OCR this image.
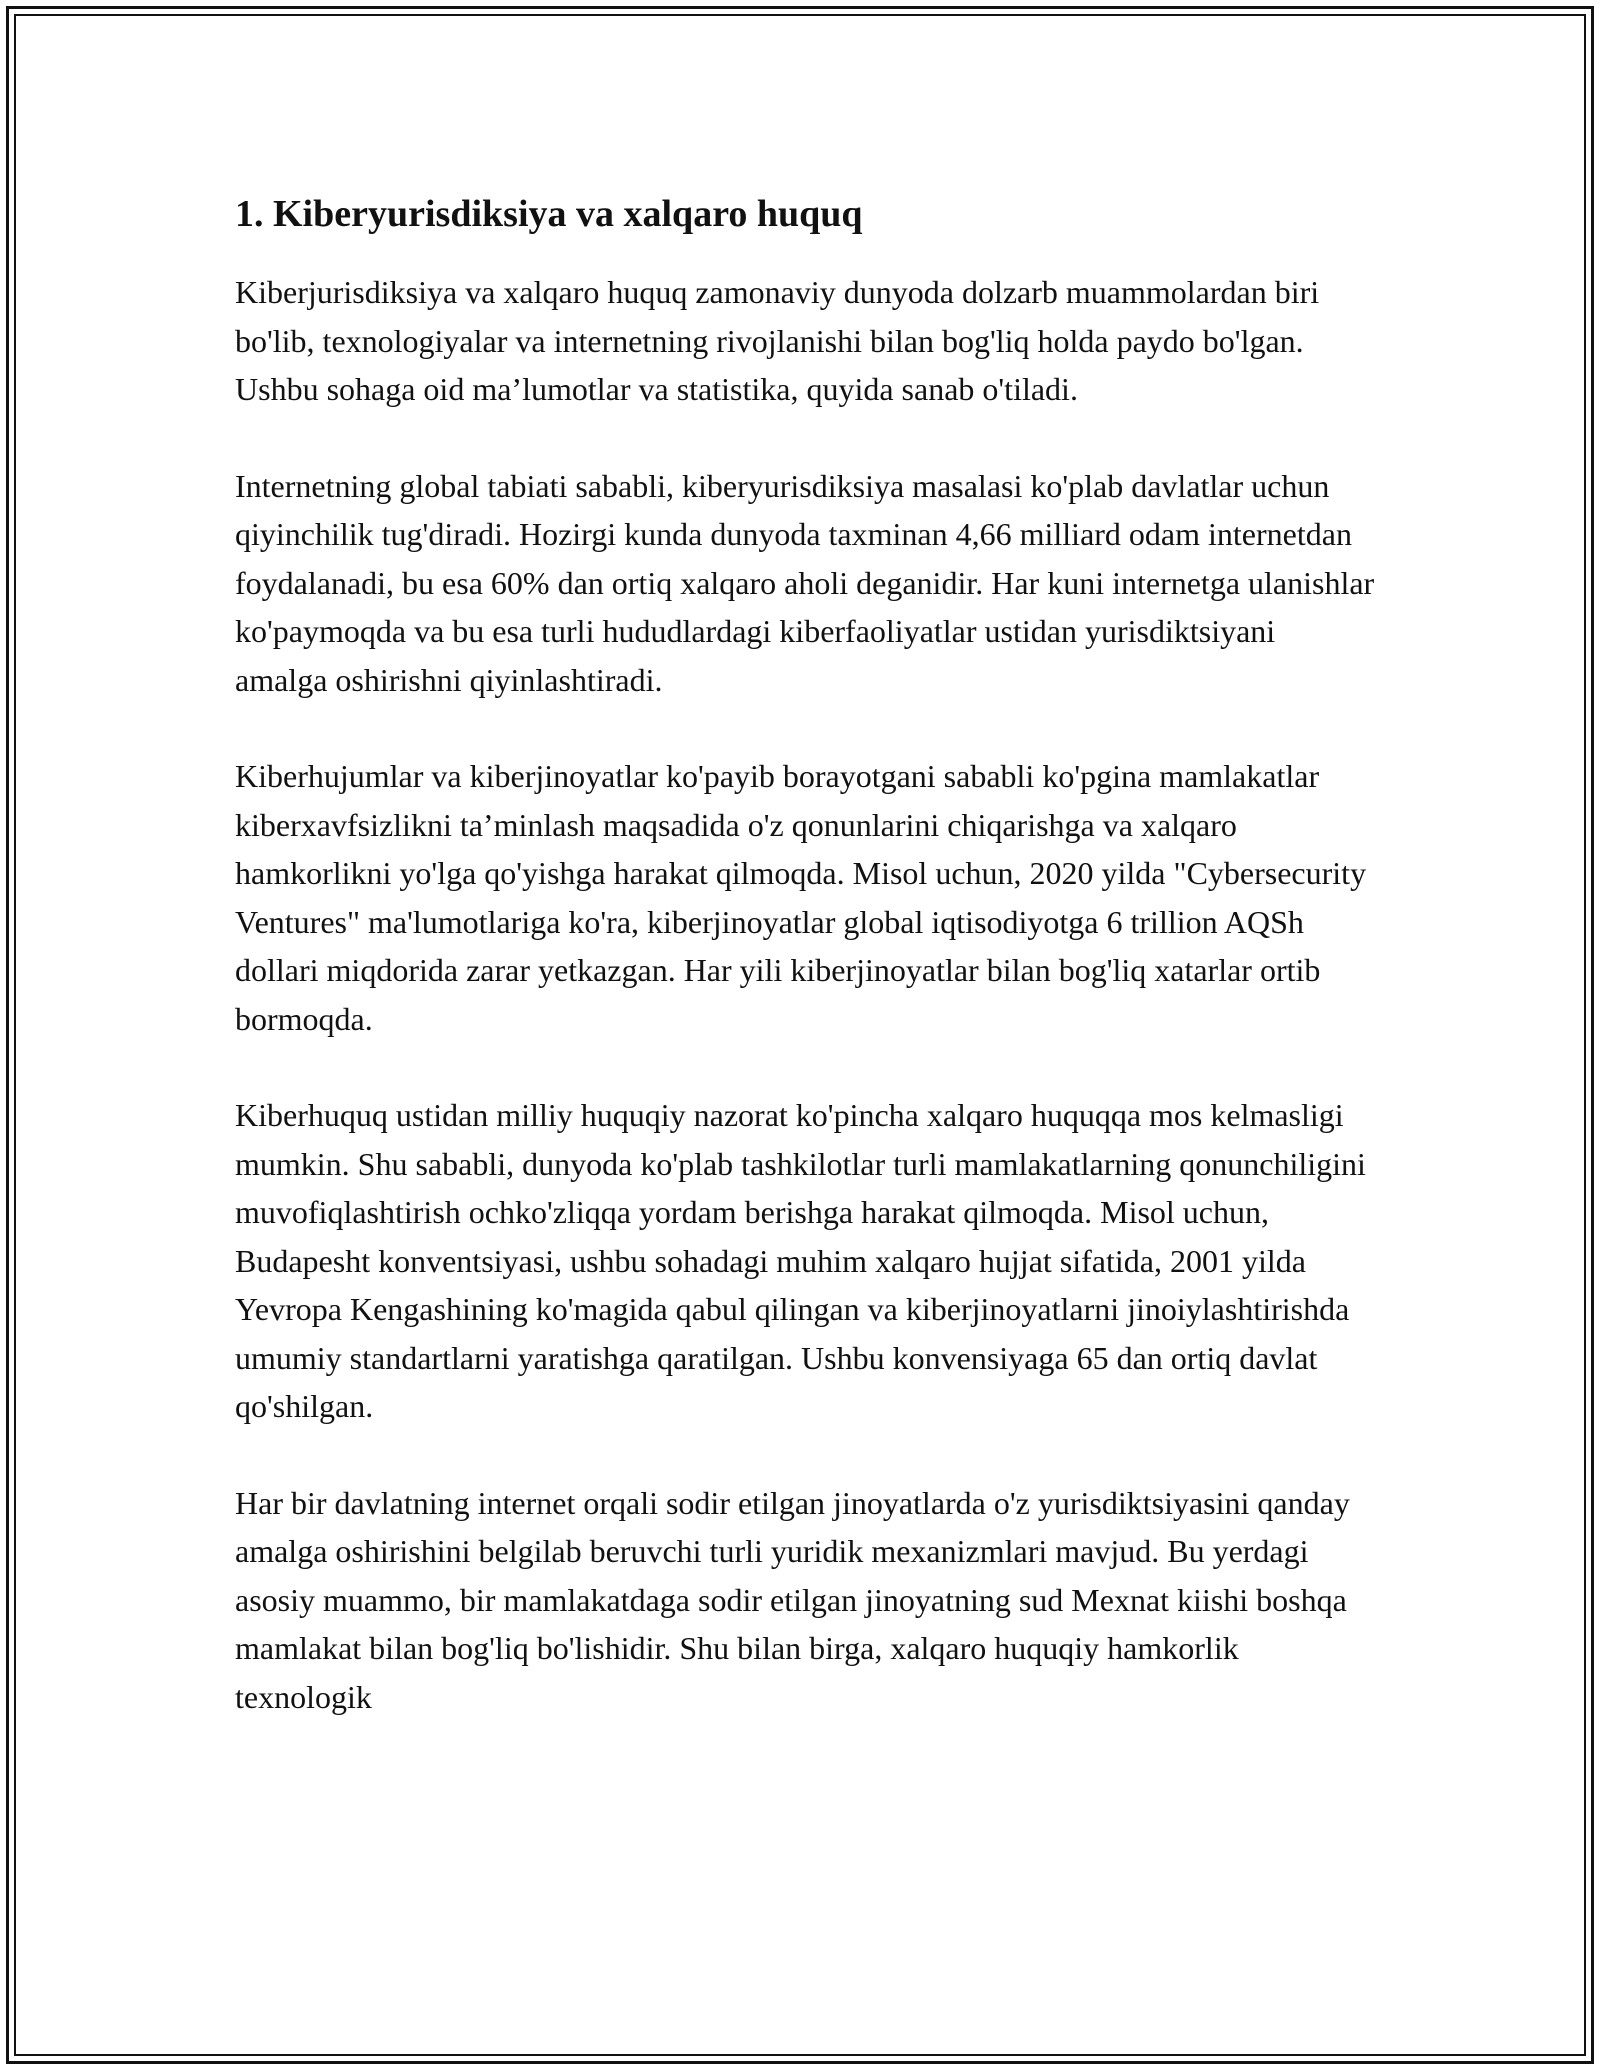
1. Kiberyurisdiksiya va xalqaro huquq

Kiberjurisdiksiya va xalqaro huquq zamonaviy dunyoda dolzarb muammolardan biri bo'lib, texnologiyalar va internetning rivojlanishi bilan bog'liq holda paydo bo'lgan. Ushbu sohaga oid ma’lumotlar va statistika, quyida sanab o'tiladi.

Internetning global tabiati sababli, kiberyurisdiksiya masalasi ko'plab davlatlar uchun qiyinchilik tug'diradi. Hozirgi kunda dunyoda taxminan 4,66 milliard odam internetdan foydalanadi, bu esa 60% dan ortiq xalqaro aholi deganidir. Har kuni internetga ulanishlar ko'paymoqda va bu esa turli hududlardagi kiberfaoliyatlar ustidan yurisdiktsiyani amalga oshirishni qiyinlashtiradi.

Kiberhujumlar va kiberjinoyatlar ko'payib borayotgani sababli ko'pgina mamlakatlar kiberxavfsizlikni ta’minlash maqsadida o'z qonunlarini chiqarishga va xalqaro hamkorlikni yo'lga qo'yishga harakat qilmoqda. Misol uchun, 2020 yilda "Cybersecurity Ventures" ma'lumotlariga ko'ra, kiberjinoyatlar global iqtisodiyotga 6 trillion AQSh dollari miqdorida zarar yetkazgan. Har yili kiberjinoyatlar bilan bog'liq xatarlar ortib bormoqda.

Kiberhuquq ustidan milliy huquqiy nazorat ko'pincha xalqaro huquqqa mos kelmasligi mumkin. Shu sababli, dunyoda ko'plab tashkilotlar turli mamlakatlarning qonunchiligini muvofiqlashtirish ochko'zliqqa yordam berishga harakat qilmoqda. Misol uchun, Budapesht konventsiyasi, ushbu sohadagi muhim xalqaro hujjat sifatida, 2001 yilda Yevropa Kengashining ko'magida qabul qilingan va kiberjinoyatlarni jinoiylashtirishda umumiy standartlarni yaratishga qaratilgan. Ushbu konvensiyaga 65 dan ortiq davlat qo'shilgan.

Har bir davlatning internet orqali sodir etilgan jinoyatlarda o'z yurisdiktsiyasini qanday amalga oshirishini belgilab beruvchi turli yuridik mexanizmlari mavjud. Bu yerdagi asosiy muammo, bir mamlakatdaga sodir etilgan jinoyatning sud Mexnat kiishi boshqa mamlakat bilan bog'liq bo'lishidir. Shu bilan birga, xalqaro huquqiy hamkorlik texnologik
